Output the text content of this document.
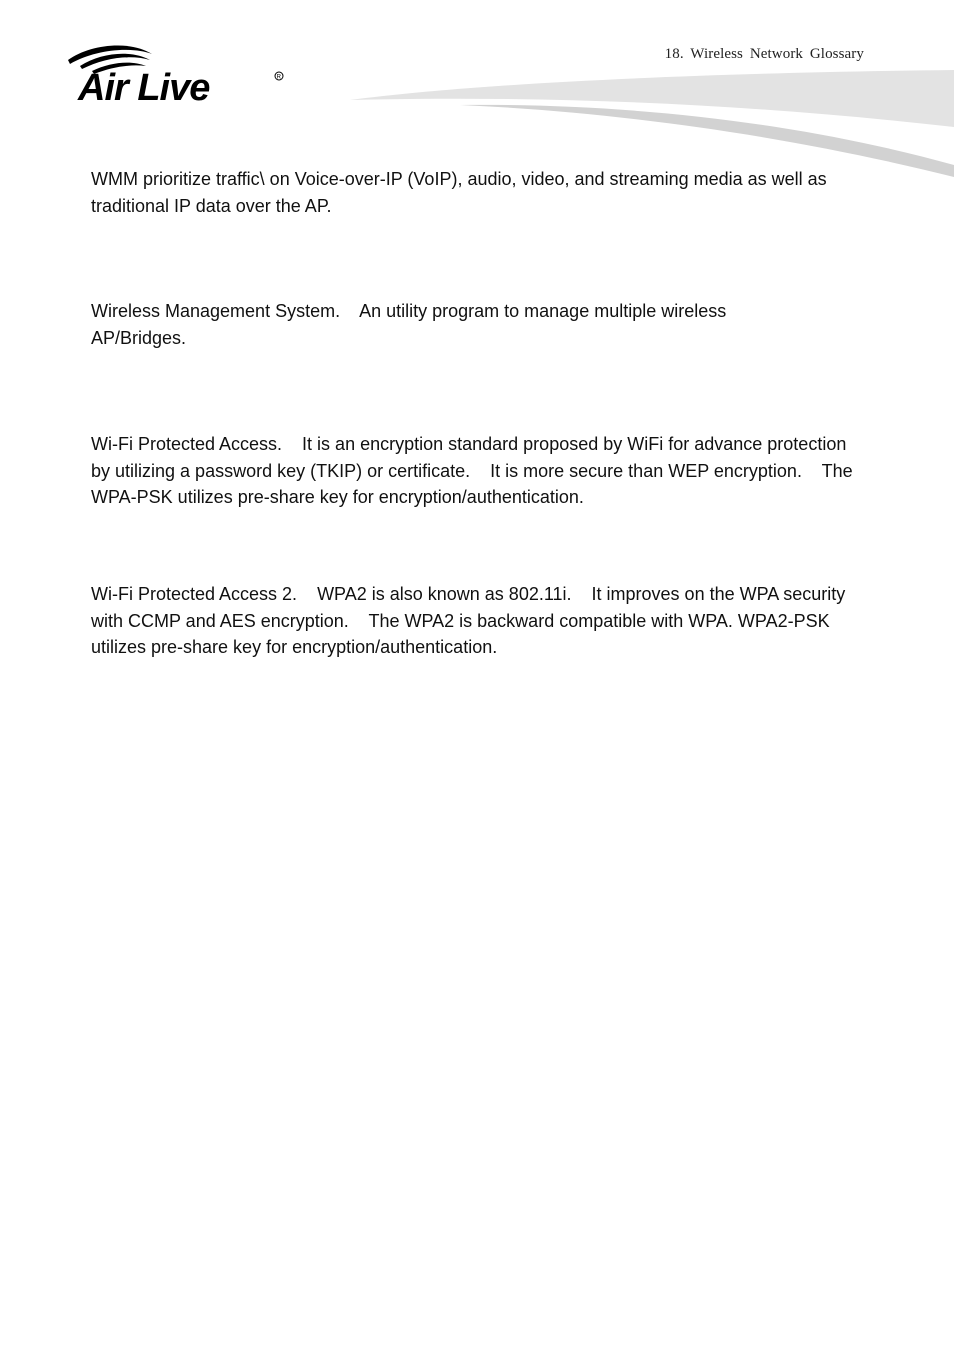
Air Live	R
18. Wireless Network Glossary

WMM prioritize traffic\ on Voice-over-IP (VoIP), audio, video, and streaming media as well as traditional IP data over the AP.

Wireless Management System.    An utility program to manage multiple wireless
AP/Bridges.

Wi-Fi Protected Access.    It is an encryption standard proposed by WiFi for advance protection by utilizing a password key (TKIP) or certificate.    It is more secure than WEP encryption.    The WPA-PSK utilizes pre-share key for encryption/authentication.

Wi-Fi Protected Access 2.    WPA2 is also known as 802.11i.    It improves on the WPA security with CCMP and AES encryption.    The WPA2 is backward compatible with WPA. WPA2-PSK utilizes pre-share key for encryption/authentication.
